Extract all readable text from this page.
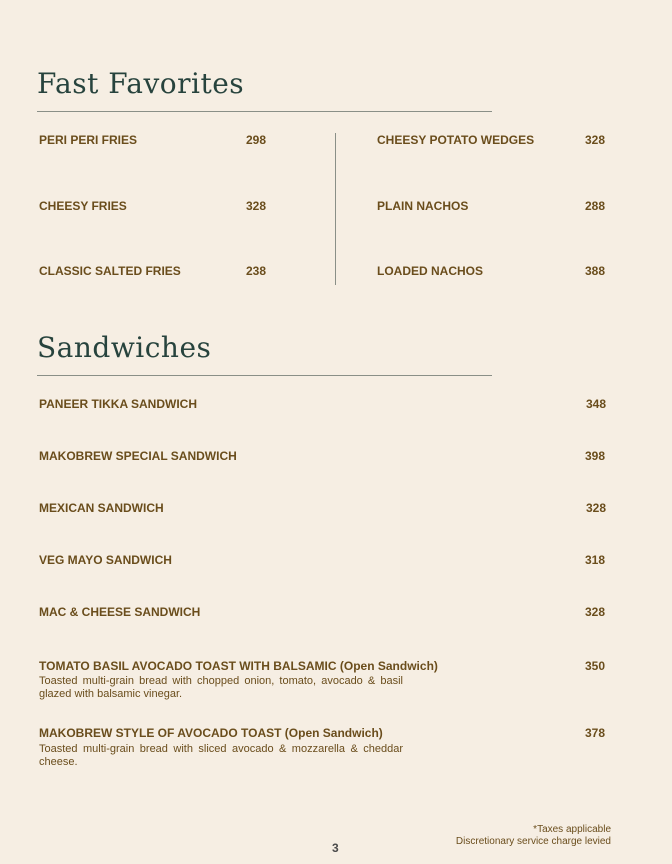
Fast Favorites
PERI PERI FRIES	298
CHEESY FRIES	328
CLASSIC SALTED FRIES	238
CHEESY POTATO WEDGES	328
PLAIN NACHOS	288
LOADED NACHOS	388
Sandwiches
PANEER TIKKA SANDWICH	348
MAKOBREW SPECIAL SANDWICH	398
MEXICAN SANDWICH	328
VEG MAYO SANDWICH	318
MAC & CHEESE SANDWICH	328
TOMATO BASIL AVOCADO TOAST WITH BALSAMIC (Open Sandwich)	350
Toasted multi-grain bread with chopped onion, tomato, avocado & basil glazed with balsamic vinegar.
MAKOBREW STYLE OF AVOCADO TOAST (Open Sandwich)	378
Toasted multi-grain bread with sliced avocado & mozzarella & cheddar cheese.
*Taxes applicable
Discretionary service charge levied
3
